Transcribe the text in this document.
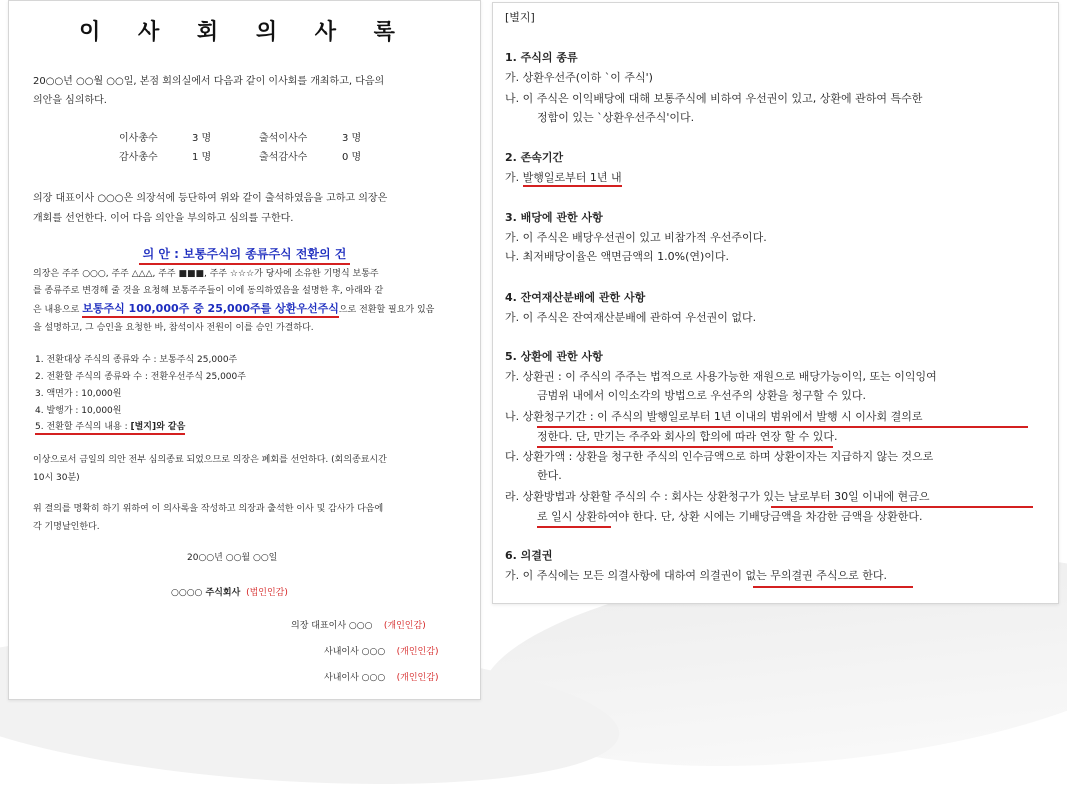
이 사 회 의 사 록
20○○년 ○○월 ○○일, 본점 회의실에서 다음과 같이 이사회를 개최하고, 다음의
의안을 심의하다.
이사총수	3 명	출석이사수	3 명
감사총수	1 명	출석감사수	0 명
의장 대표이사 ○○○은 의장석에 등단하여 위와 같이 출석하였음을 고하고 의장은
개회를 선언한다. 이어 다음 의안을 부의하고 심의를 구한다.
의 안 : 보통주식의 종류주식 전환의 건
의장은 주주 ○○○, 주주 △△△, 주주 ■■■, 주주 ☆☆☆가 당사에 소유한 기명식 보통주
를 종류주로 변경해 줄 것을 요청해 보통주주들이 이에 동의하였음을 설명한 후, 아래와 같
은 내용으로 보통주식 100,000주 중 25,000주를 상환우선주식으로 전환할 필요가 있음
을 설명하고, 그 승인을 요청한 바, 참석이사 전원이 이를 승인 가결하다.
1. 전환대상 주식의 종류와 수 : 보통주식 25,000주
2. 전환할 주식의 종류와 수 : 전환우선주식 25,000주
3. 액면가 : 10,000원
4. 발행가 : 10,000원
5. 전환할 주식의 내용 : [별지]와 같음
이상으로서 금일의 의안 전부 심의종료 되었으므로 의장은 폐회를 선언하다. (회의종료시간
10시 30분)
위 결의를 명확히 하기 위하여 이 의사록을 작성하고 의장과 출석한 이사 및 감사가 다음에
각 기명날인한다.
20○○년 ○○월 ○○일
○○○○ 주식회사 (법인인감)
의장 대표이사 ○○○ (개인인감)
사내이사 ○○○ (개인인감)
사내이사 ○○○ (개인인감)
[별지]
1. 주식의 종류
가. 상환우선주(이하 `이 주식')
나. 이 주식은 이익배당에 대해 보통주식에 비하여 우선권이 있고, 상환에 관하여 특수한
정함이 있는 `상환우선주식'이다.
2. 존속기간
가. 발행일로부터 1년 내
3. 배당에 관한 사항
가. 이 주식은 배당우선권이 있고 비참가적 우선주이다.
나. 최저배당이율은 액면금액의 1.0%(연)이다.
4. 잔여재산분배에 관한 사항
가. 이 주식은 잔여재산분배에 관하여 우선권이 없다.
5. 상환에 관한 사항
가. 상환권 : 이 주식의 주주는 법적으로 사용가능한 재원으로 배당가능이익, 또는 이익잉여
금범위 내에서 이익소각의 방법으로 우선주의 상환을 청구할 수 있다.
나. 상환청구기간 : 이 주식의 발행일로부터 1년 이내의 범위에서 발행 시 이사회 결의로
정한다. 단, 만기는 주주와 회사의 합의에 따라 연장 할 수 있다.
다. 상환가액 : 상환을 청구한 주식의 인수금액으로 하며 상환이자는 지급하지 않는 것으로
한다.
라. 상환방법과 상환할 주식의 수 : 회사는 상환청구가 있는 날로부터 30일 이내에 현금으
로 일시 상환하여야 한다. 단, 상환 시에는 기배당금액을 차감한 금액을 상환한다.
6. 의결권
가. 이 주식에는 모든 의결사항에 대하여 의결권이 없는 무의결권 주식으로 한다.
